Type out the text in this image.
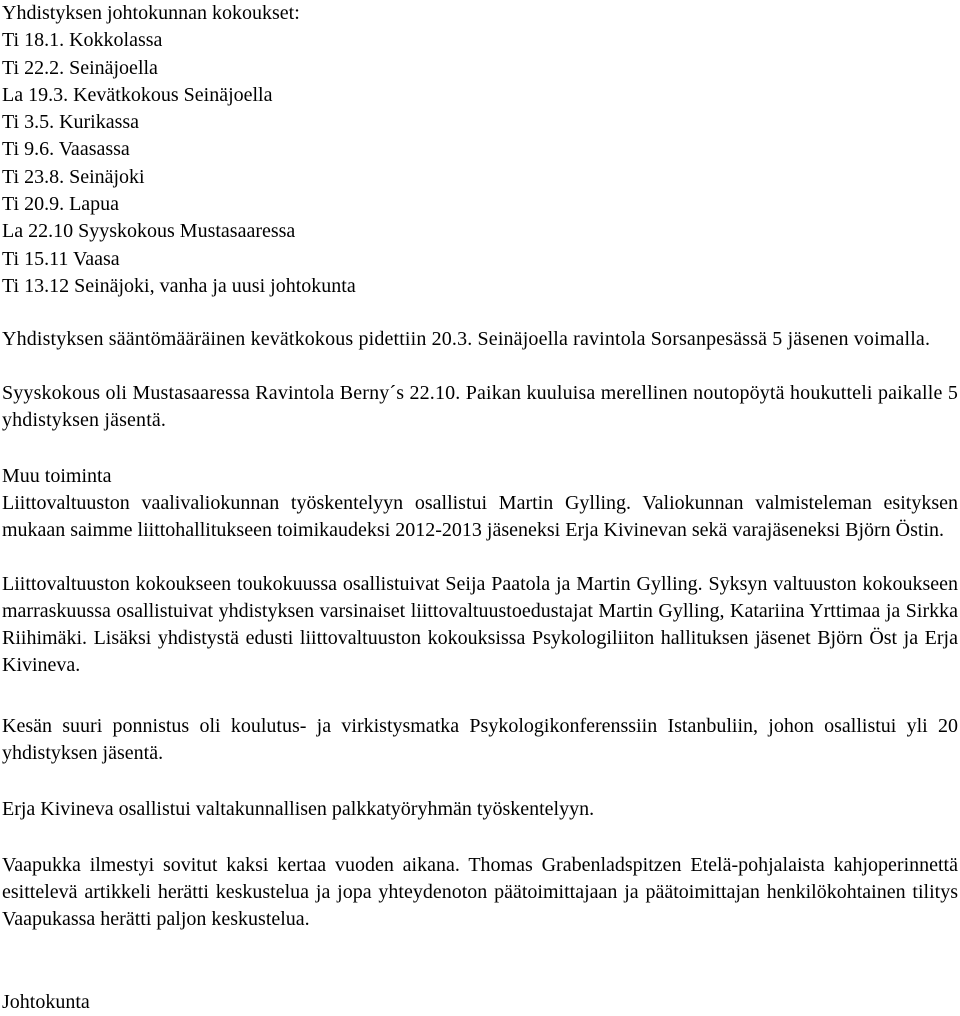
Yhdistyksen johtokunnan kokoukset:

Ti 18.1. Kokkolassa

Ti 22.2. Seinäjoella

La 19.3. Kevätkokous Seinäjoella

Ti 3.5. Kurikassa

Ti 9.6. Vaasassa

Ti 23.8. Seinäjoki

Ti 20.9. Lapua

La 22.10 Syyskokous Mustasaaressa

Ti 15.11 Vaasa

Ti 13.12 Seinäjoki, vanha ja uusi johtokunta

Yhdistyksen sääntömääräinen kevätkokous pidettiin 20.3. Seinäjoella ravintola Sorsanpesässä 5 jäsenen voimalla.

Syyskokous oli Mustasaaressa Ravintola Berny´s 22.10. Paikan kuuluisa merellinen noutopöytä houkutteli paikalle 5 yhdistyksen jäsentä.

Muu toiminta

Liittovaltuuston vaalivaliokunnan työskentelyyn osallistui Martin Gylling. Valiokunnan valmisteleman esityksen mukaan saimme liittohallitukseen toimikaudeksi 2012-2013 jäseneksi Erja Kivinevan sekä varajäseneksi Björn Östin.

Liittovaltuuston kokoukseen toukokuussa osallistuivat Seija Paatola ja Martin Gylling. Syksyn valtuuston kokoukseen marraskuussa osallistuivat yhdistyksen varsinaiset liittovaltuustoedustajat Martin Gylling, Katariina Yrttimaa ja Sirkka Riihimäki. Lisäksi yhdistystä edusti liittovaltuuston kokouksissa Psykologiliiton hallituksen jäsenet Björn Öst ja Erja Kivineva.

Kesän suuri ponnistus oli koulutus- ja virkistysmatka Psykologikonferenssiin Istanbuliin, johon osallistui yli 20 yhdistyksen jäsentä.

Erja Kivineva osallistui valtakunnallisen palkkatyöryhmän työskentelyyn.

Vaapukka ilmestyi sovitut kaksi kertaa vuoden aikana. Thomas Grabenladspitzen Etelä-pohjalaista kahjoperinnettä esittelevä artikkeli herätti keskustelua ja jopa yhteydenoton päätoimittajaan ja päätoimittajan henkilökohtainen tilitys Vaapukassa herätti paljon keskustelua.

Johtokunta
